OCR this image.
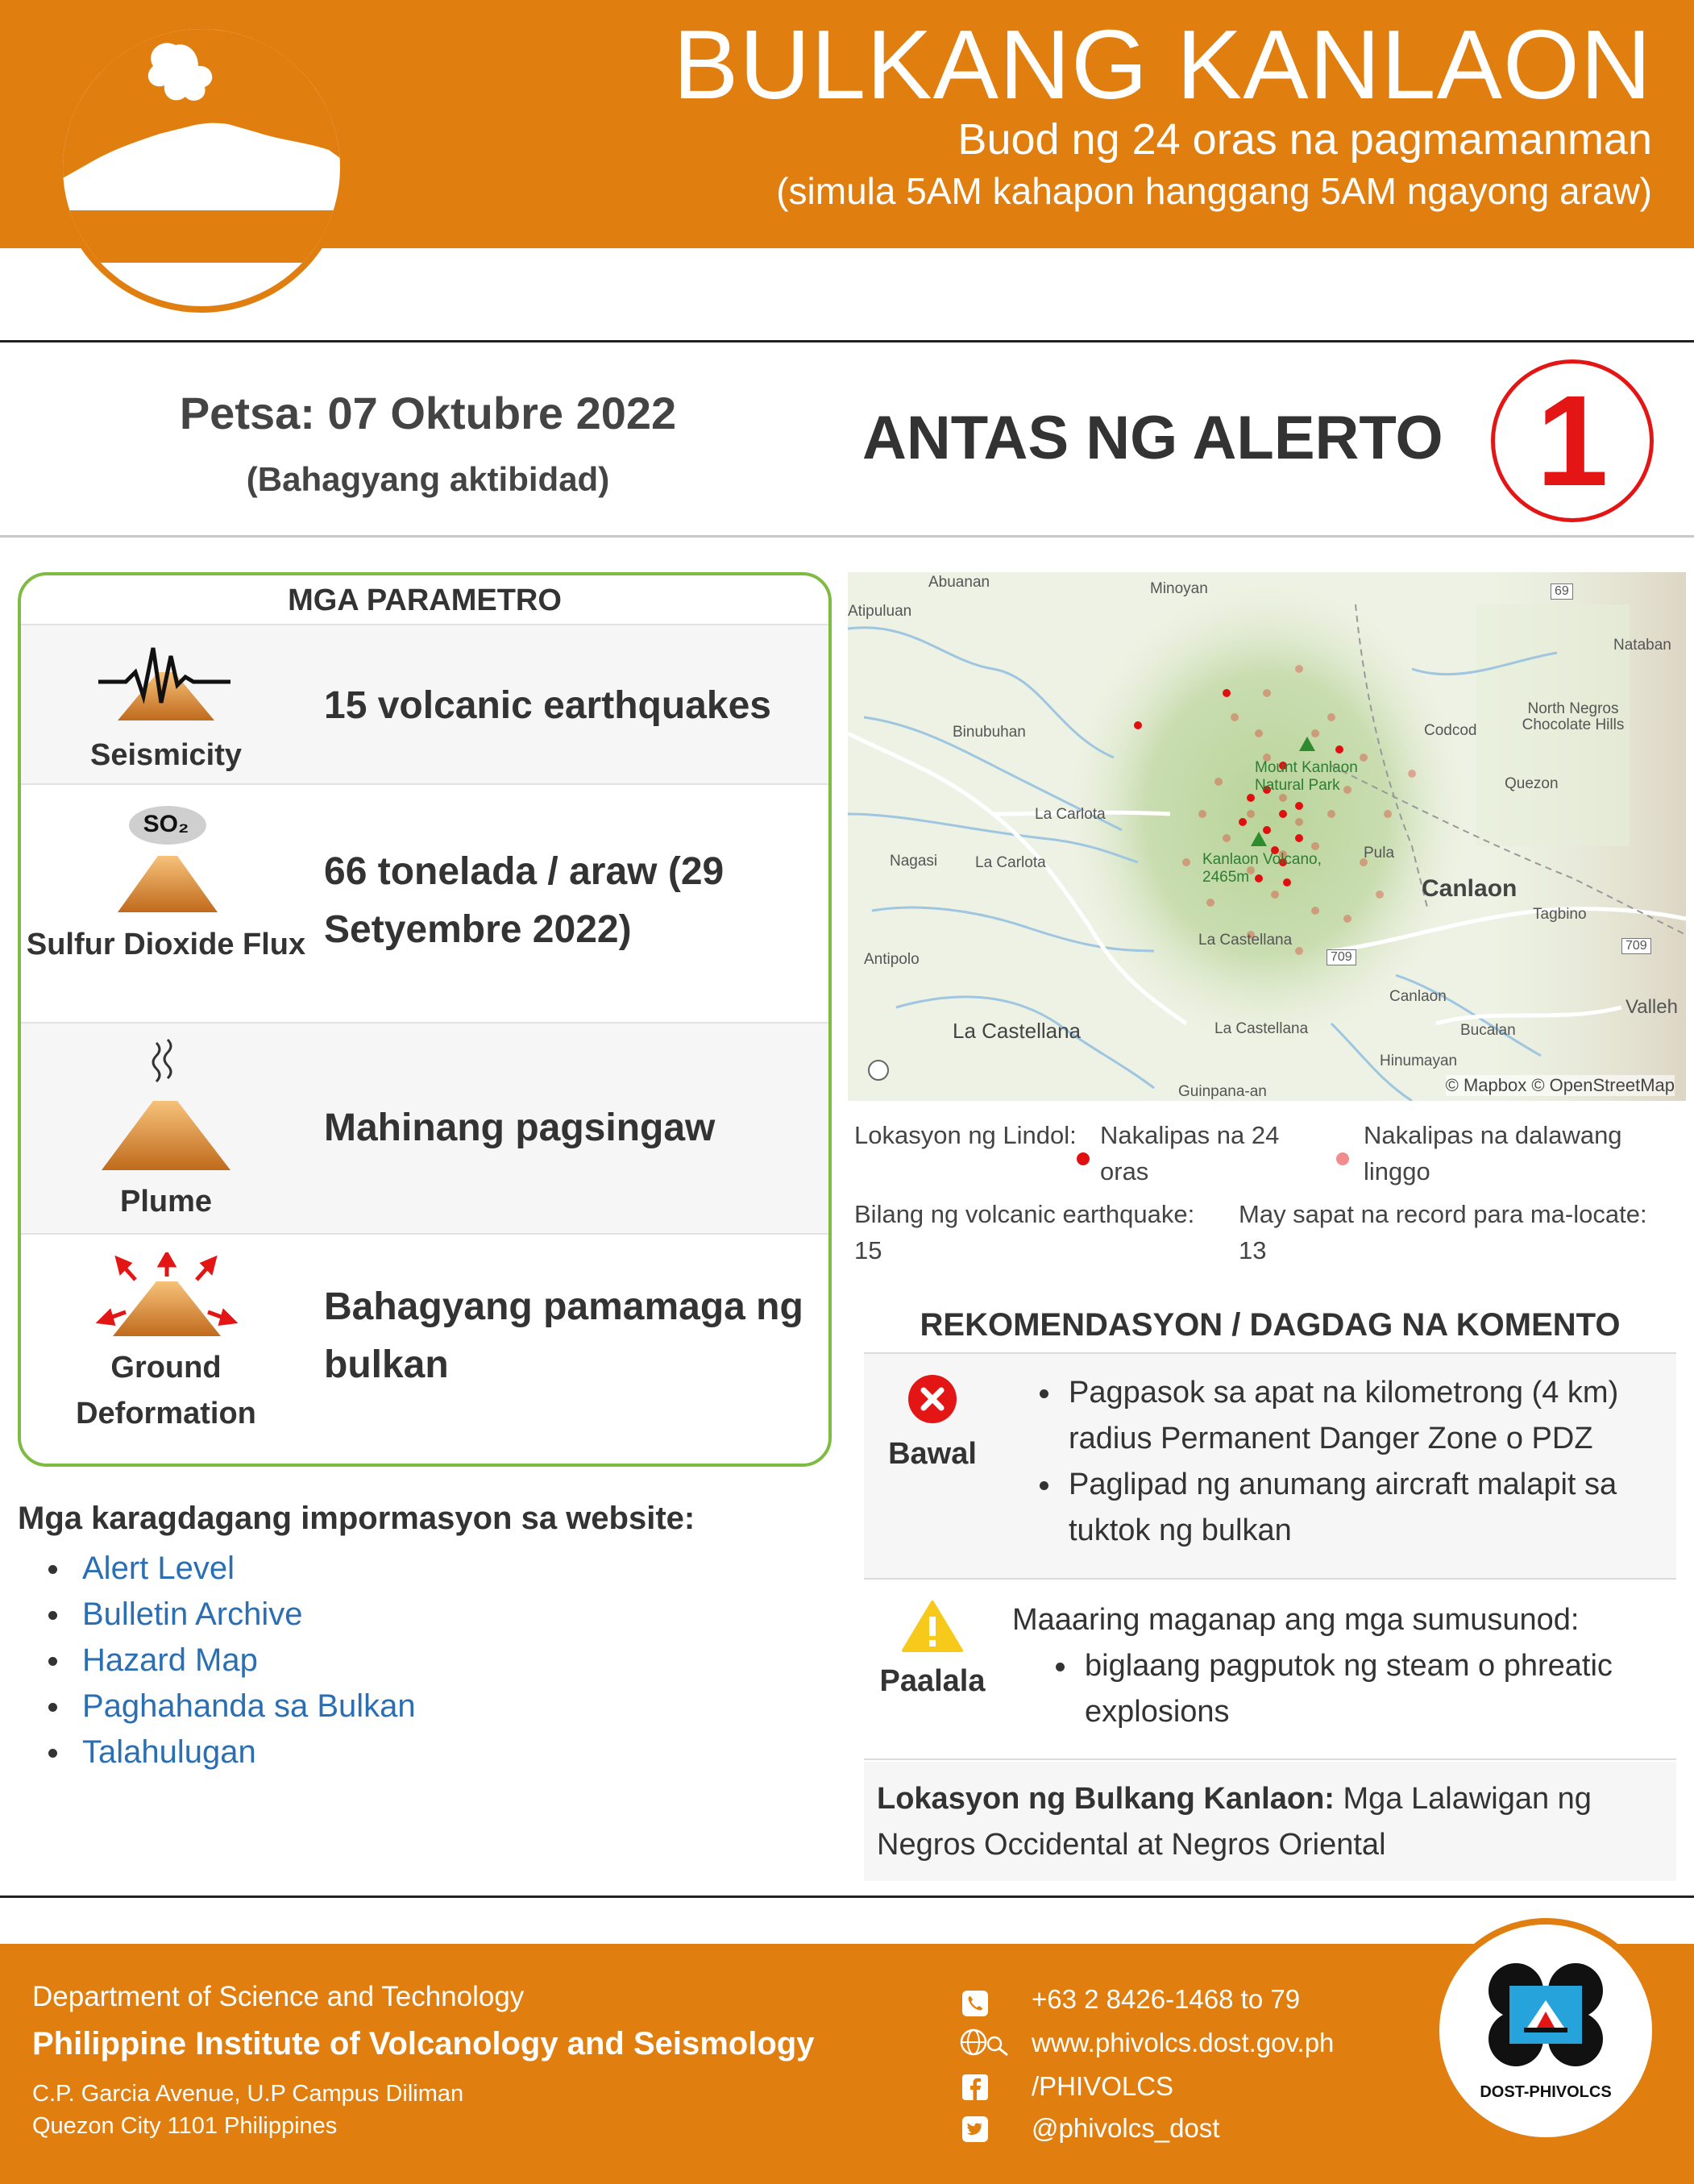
BULKANG KANLAON
Buod ng 24 oras na pagmamanman
(simula 5AM kahapon hanggang 5AM ngayong araw)
Petsa: 07 Oktubre 2022
(Bahagyang aktibidad)
ANTAS NG ALERTO 1
MGA PARAMETRO
Seismicity
15 volcanic earthquakes
SO₂
Sulfur Dioxide Flux
66 tonelada / araw (29 Setyembre 2022)
Plume
Mahinang pagsingaw
Ground Deformation
Bahagyang pamamaga ng bulkan
Mga karagdagang impormasyon sa website:
Alert Level
Bulletin Archive
Hazard Map
Paghahanda sa Bulkan
Talahulugan
Abuanan	Minoyan
Atipuluan
Nataban
Binubuhan
North Negros Chocolate Hills
Codcod
Mount Kanlaon Natural Park	Quezon
La Carlota
Nagasi La Carlota
Pula
Kanlaon Volcano, 2465m	Canlaon
Tagbino
Antipolo
La Castellana
Valleh
Canlaon
La Castellana	La Castellana	Bucalan
Hinumayan
Guinpana-an
69
709
709
© Mapbox © OpenStreetMap
Lokasyon ng Lindol: Nakalipas na 24 oras
Nakalipas na dalawang linggo
Bilang ng volcanic earthquake:
15
May sapat na record para ma-locate:
13
REKOMENDASYON / DAGDAG NA KOMENTO
Bawal
Pagpasok sa apat na kilometrong (4 km) radius Permanent Danger Zone o PDZ
Paglipad ng anumang aircraft malapit sa tuktok ng bulkan
Paalala
Maaaring maganap ang mga sumusunod:
biglaang pagputok ng steam o phreatic explosions
Lokasyon ng Bulkang Kanlaon: Mga Lalawigan ng Negros Occidental at Negros Oriental
Department of Science and Technology
Philippine Institute of Volcanology and Seismology
C.P. Garcia Avenue, U.P Campus Diliman
Quezon City 1101 Philippines
+63 2 8426-1468 to 79
www.phivolcs.dost.gov.ph
/PHIVOLCS
@phivolcs_dost
DOST-PHIVOLCS
